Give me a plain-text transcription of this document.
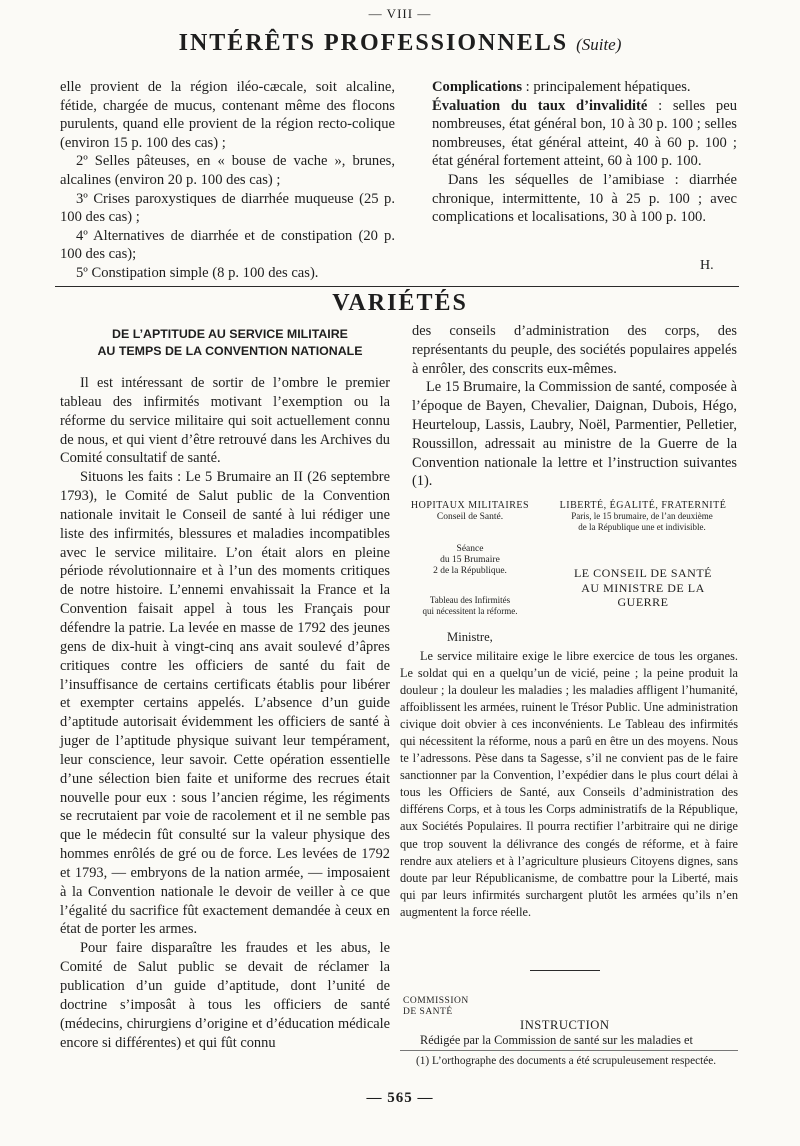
— VIII —
INTÉRÊTS PROFESSIONNELS (Suite)

elle provient de la région iléo-cæcale, soit alcaline, fétide, chargée de mucus, contenant même des flocons purulents, quand elle provient de la région recto-colique (environ 15 p. 100 des cas) ;

2º Selles pâteuses, en « bouse de vache », brunes, alcalines (environ 20 p. 100 des cas) ;

3º Crises paroxystiques de diarrhée muqueuse (25 p. 100 des cas) ;

4º Alternatives de diarrhée et de constipation (20 p. 100 des cas);

5º Constipation simple (8 p. 100 des cas).

Complications : principalement hépatiques.

Évaluation du taux d’invalidité : selles peu nombreuses, état général bon, 10 à 30 p. 100 ; selles nombreuses, état général atteint, 40 à 60 p. 100 ; état général fortement atteint, 60 à 100 p. 100.

Dans les séquelles de l’amibiase : diarrhée chronique, intermittente, 10 à 25 p. 100 ; avec complications et localisations, 30 à 100 p. 100.

H.
VARIÉTÉS
DE L’APTITUDE AU SERVICE MILITAIRE
AU TEMPS DE LA CONVENTION NATIONALE

Il est intéressant de sortir de l’ombre le premier tableau des infirmités motivant l’exemption ou la réforme du service militaire qui soit actuellement connu de nous, et qui vient d’être retrouvé dans les Archives du Comité consultatif de santé.

Situons les faits : Le 5 Brumaire an II (26 septembre 1793), le Comité de Salut public de la Convention nationale invitait le Conseil de santé à lui rédiger une liste des infirmités, blessures et maladies incompatibles avec le service militaire. L’on était alors en pleine période révolutionnaire et à l’un des moments critiques de notre histoire. L’ennemi envahissait la France et la Convention faisait appel à tous les Français pour défendre la patrie. La levée en masse de 1792 des jeunes gens de dix-huit à vingt-cinq ans avait soulevé d’âpres critiques contre les officiers de santé du fait de l’insuffisance de certains certificats établis pour libérer et exempter certains appelés. L’absence d’un guide d’aptitude autorisait évidemment les officiers de santé à juger de l’aptitude physique suivant leur tempérament, leur conscience, leur savoir. Cette opération essentielle d’une sélection bien faite et uniforme des recrues était nouvelle pour eux : sous l’ancien régime, les régiments se recrutaient par voie de racolement et il ne semble pas que le médecin fût consulté sur la valeur physique des hommes enrôlés de gré ou de force. Les levées de 1792 et 1793, — embryons de la nation armée, — imposaient à la Convention nationale le devoir de veiller à ce que l’égalité du sacrifice fût exactement demandée à ceux en état de porter les armes.

Pour faire disparaître les fraudes et les abus, le Comité de Salut public se devait de réclamer la publication d’un guide d’aptitude, dont l’unité de doctrine s’imposât à tous les officiers de santé (médecins, chirurgiens d’origine et d’éducation médicale encore si différentes) et qui fût connu

des conseils d’administration des corps, des représentants du peuple, des sociétés populaires appelés à enrôler, des conscrits eux-mêmes.

Le 15 Brumaire, la Commission de santé, composée à l’époque de Bayen, Chevalier, Daignan, Dubois, Hégo, Heurteloup, Lassis, Laubry, Noël, Parmentier, Pelletier, Roussillon, adressait au ministre de la Guerre de la Convention nationale la lettre et l’instruction suivantes (1).

HOPITAUX MILITAIRES
Conseil de Santé.
LIBERTÉ, ÉGALITÉ, FRATERNITÉ
Paris, le 15 brumaire, de l’an deuxième
de la République une et indivisible.
Séance
du 15 Brumaire
2 de la République.	LE CONSEIL DE SANTÉ
AU MINISTRE DE LA
GUERRE
Tableau des Infirmités
qui nécessitent la réforme.
Ministre,

Le service militaire exige le libre exercice de tous les organes. Le soldat qui en a quelqu’un de vicié, peine ; la peine produit la douleur ; la douleur les maladies ; les maladies affligent l’humanité, affoiblissent les armées, ruinent le Trésor Public. Une administration civique doit obvier à ces inconvénients. Le Tableau des infirmités qui nécessitent la réforme, nous a parû en être un des moyens. Nous te l’adressons. Pèse dans ta Sagesse, s’il ne convient pas de le faire sanctionner par la Convention, l’expédier dans le plus court délai à tous les Officiers de Santé, aux Conseils d’administration des différens Corps, et à tous les Corps administratifs de la République, aux Sociétés Populaires. Il pourra rectifier l’arbitraire qui ne dirige que trop souvent la délivrance des congés de réforme, et à faire rendre aux ateliers et à l’agriculture plusieurs Citoyens dignes, sans doute par leur Républicanisme, de combattre pour la Liberté, mais qui par leurs infirmités surchargent plutôt les armées qu’ils n’en augmentent la force réelle.

COMMISSION
DE SANTÉ
INSTRUCTION
Rédigée par la Commission de santé sur les maladies et
(1) L’orthographe des documents a été scrupuleusement respectée.
— 565 —
